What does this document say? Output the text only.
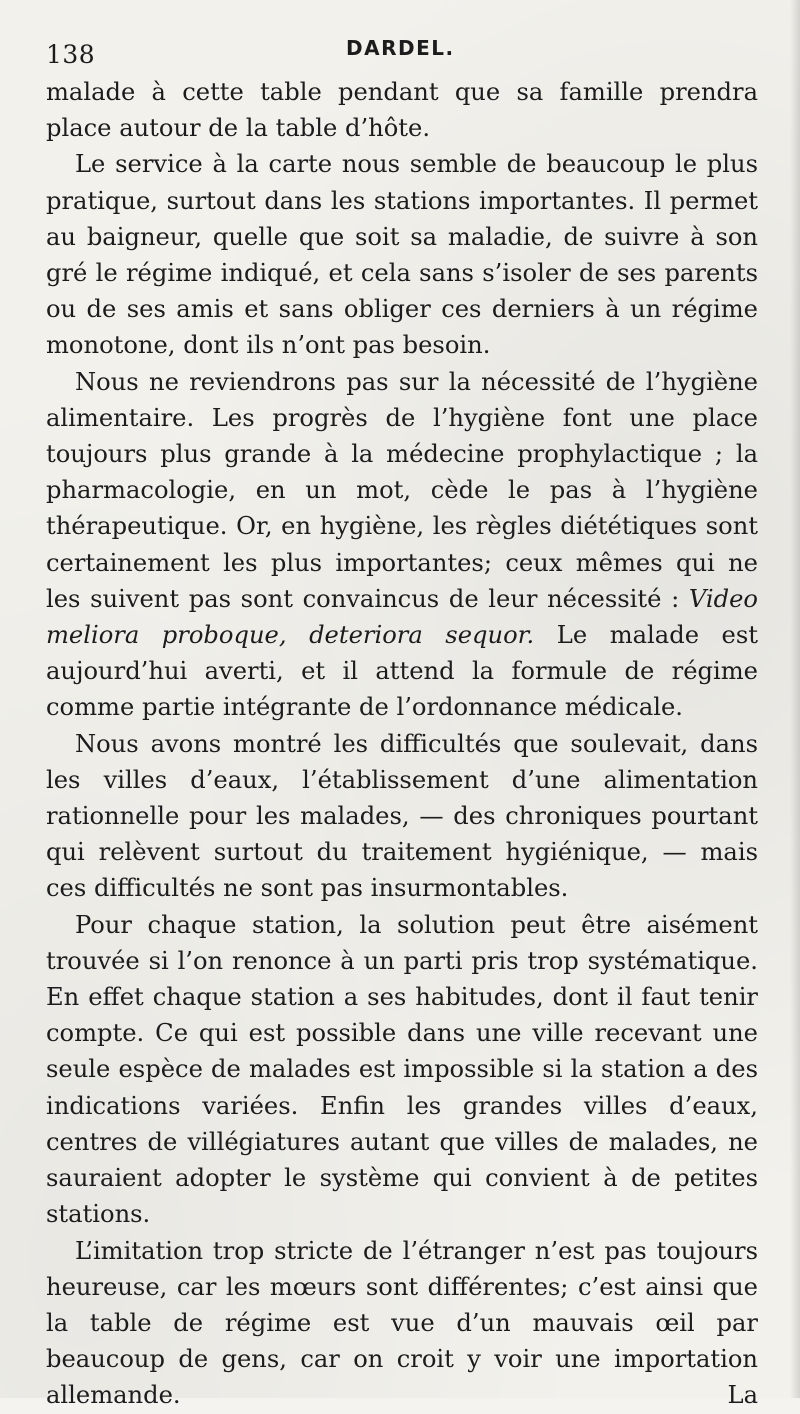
138	DARDEL.

malade à cette table pendant que sa famille prendra place autour de la table d’hôte.

Le service à la carte nous semble de beaucoup le plus pratique, surtout dans les stations importantes. Il permet au baigneur, quelle que soit sa maladie, de suivre à son gré le régime indiqué, et cela sans s’isoler de ses parents ou de ses amis et sans obliger ces derniers à un régime monotone, dont ils n’ont pas besoin.

Nous ne reviendrons pas sur la nécessité de l’hygiène alimentaire. Les progrès de l’hygiène font une place toujours plus grande à la médecine prophylactique ; la pharmacologie, en un mot, cède le pas à l’hygiène thérapeutique. Or, en hygiène, les règles diététiques sont certainement les plus importantes; ceux mêmes qui ne les suivent pas sont convaincus de leur nécessité : Video meliora proboque, deteriora sequor. Le malade est aujourd’hui averti, et il attend la formule de régime comme partie intégrante de l’ordonnance médicale.

Nous avons montré les difficultés que soulevait, dans les villes d’eaux, l’établissement d’une alimentation rationnelle pour les malades, — des chroniques pourtant qui relèvent surtout du traitement hygiénique, — mais ces difficultés ne sont pas insurmontables.

Pour chaque station, la solution peut être aisément trouvée si l’on renonce à un parti pris trop systématique. En effet chaque station a ses habitudes, dont il faut tenir compte. Ce qui est possible dans une ville recevant une seule espèce de malades est impossible si la station a des indications variées. Enfin les grandes villes d’eaux, centres de villégiatures autant que villes de malades, ne sauraient adopter le système qui convient à de petites stations.

L’imitation trop stricte de l’étranger n’est pas toujours heureuse, car les mœurs sont différentes; c’est ainsi que la table de régime est vue d’un mauvais œil par beaucoup de gens, car on croit y voir une importation allemande. La
